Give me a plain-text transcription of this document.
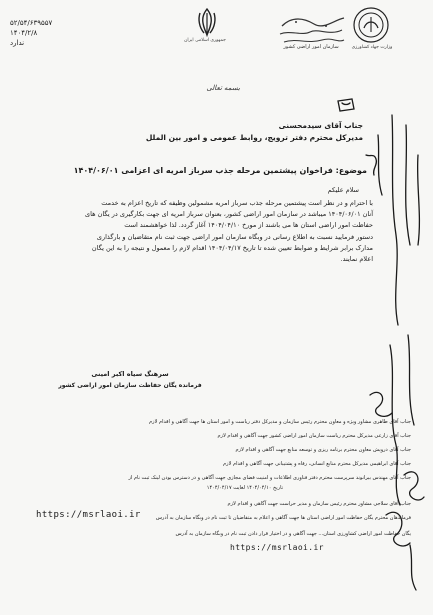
۵۲/۵۴/۶۳۹۵۵۷
۱۴۰۴/۲/۸
ندارد	جمهوری اسلامی ایران
سازمان امور اراضی کشور	وزارت جهاد کشاورزی
بسمه تعالی
جناب آقای سیدمحسنی
مدیرکل محترم دفتر ترویج، روابط عمومی و امور بین الملل
موضوع: فراخوان پیشتمین مرحله جذب سرباز امریه ای اعزامی ۱۴۰۴/۰۶/۰۱
سلام علیکم
با احترام و در نظر است پیشتمین مرحله جذب سرباز امریه مشمولین وظیفه که تاریخ اعزام به خدمت
آنان ۱۴۰۴/۰۶/۰۱ میباشد در سازمان امور اراضی کشور، بعنوان سرباز امریه ای جهت بکارگیری در یگان های
حفاظت امور اراضی استان ها می باشند از مورخ ۱۴۰۴/۰۴/۱۰ آغاز گردد. لذا خواهشمند است
دستور فرمایید نسبت به اطلاع رسانی در وبگاه سازمان امور اراضی جهت ثبت نام متقاضیان و بارگذاری
مدارک برابر شرایط و ضوابط تعیین شده تا تاریخ ۱۴۰۴/۰۴/۱۷ اقدام لازم را معمول و نتیجه را به این یگان
اعلام نمایند.
سرهنگ سیاه اکبر امینی
فرمانده یگان حفاظت سازمان امور اراضی کشور
جناب آقای طاهری مشاور ویژه و معاون محترم رئیس سازمان و مدیرکل دفتر ریاست و امور استان ها جهت آگاهی و اقدام لازم
جناب آقای زارعی مدیرکل محترم ریاست سازمان امور اراضی کشور جهت آگاهی و اقدام لازم
جناب آقای درویش معاون محترم برنامه ریزی و توسعه منابع جهت آگاهی و اقدام لازم
جناب آقای ابراهیمی مدیرکل محترم منابع انسانی، رفاه و پشتیبانی جهت آگاهی و اقدام لازم
جناب آقای مهندس بیرانوند سرپرست محترم دفتر فناوری اطلاعات و امنیت فضای مجازی جهت آگاهی و در دسترس بودن لینک ثبت نام از
تاریخ ۱۴۰۴/۰۴/۱۰ لغایت ۱۴۰۴/۰۴/۱۷
جناب آقای سلاجی مشاور محترم رئیس سازمان و مدیر حراست جهت آگاهی و اقدام لازم
فرماندهان محترم یگان حفاظت امور اراضی استان ها جهت آگاهی و اعلام به متقاضیان تا ثبت نام در وبگاه سازمان به آدرس
https://msrlaoi.ir
یگان حفاظت امور اراضی کشاورزی استان... جهت آگاهی و در اختیار قرار دادن ثبت نام در وبگاه سازمان به آدرس
https://msrlaoi.ir
